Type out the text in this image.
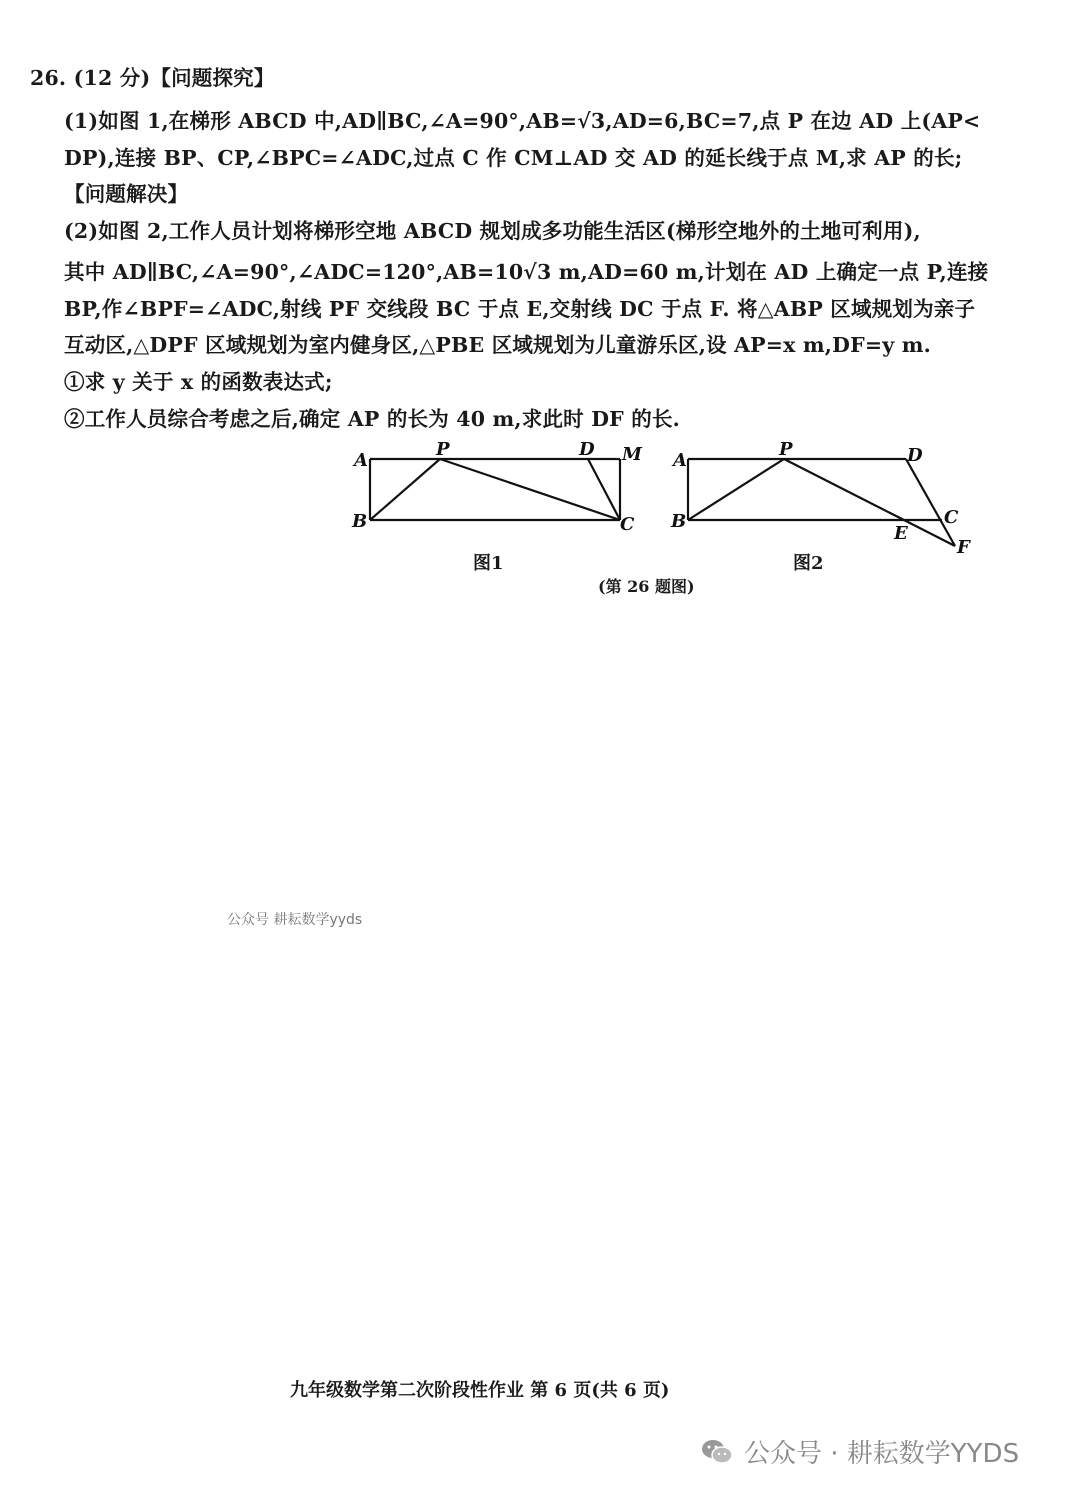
26. (12 分)【问题探究】
(1)如图 1,在梯形 ABCD 中,AD∥BC,∠A=90°,AB=√3,AD=6,BC=7,点 P 在边 AD 上(AP<
DP),连接 BP、CP,∠BPC=∠ADC,过点 C 作 CM⊥AD 交 AD 的延长线于点 M,求 AP 的长;
【问题解决】
(2)如图 2,工作人员计划将梯形空地 ABCD 规划成多功能生活区(梯形空地外的土地可利用),
其中 AD∥BC,∠A=90°,∠ADC=120°,AB=10√3 m,AD=60 m,计划在 AD 上确定一点 P,连接
BP,作∠BPF=∠ADC,射线 PF 交线段 BC 于点 E,交射线 DC 于点 F. 将△ABP 区域规划为亲子
互动区,△DPF 区域规划为室内健身区,△PBE 区域规划为儿童游乐区,设 AP=x m,DF=y m.
①求 y 关于 x 的函数表达式;
②工作人员综合考虑之后,确定 AP 的长为 40 m,求此时 DF 的长.
A
P	D M
B	C
A
P	D
B
E
C
F
图1	图2
(第 26 题图)
公众号 耕耘数学yyds
九年级数学第二次阶段性作业 第 6 页(共 6 页)
公众号 · 耕耘数学YYDS
